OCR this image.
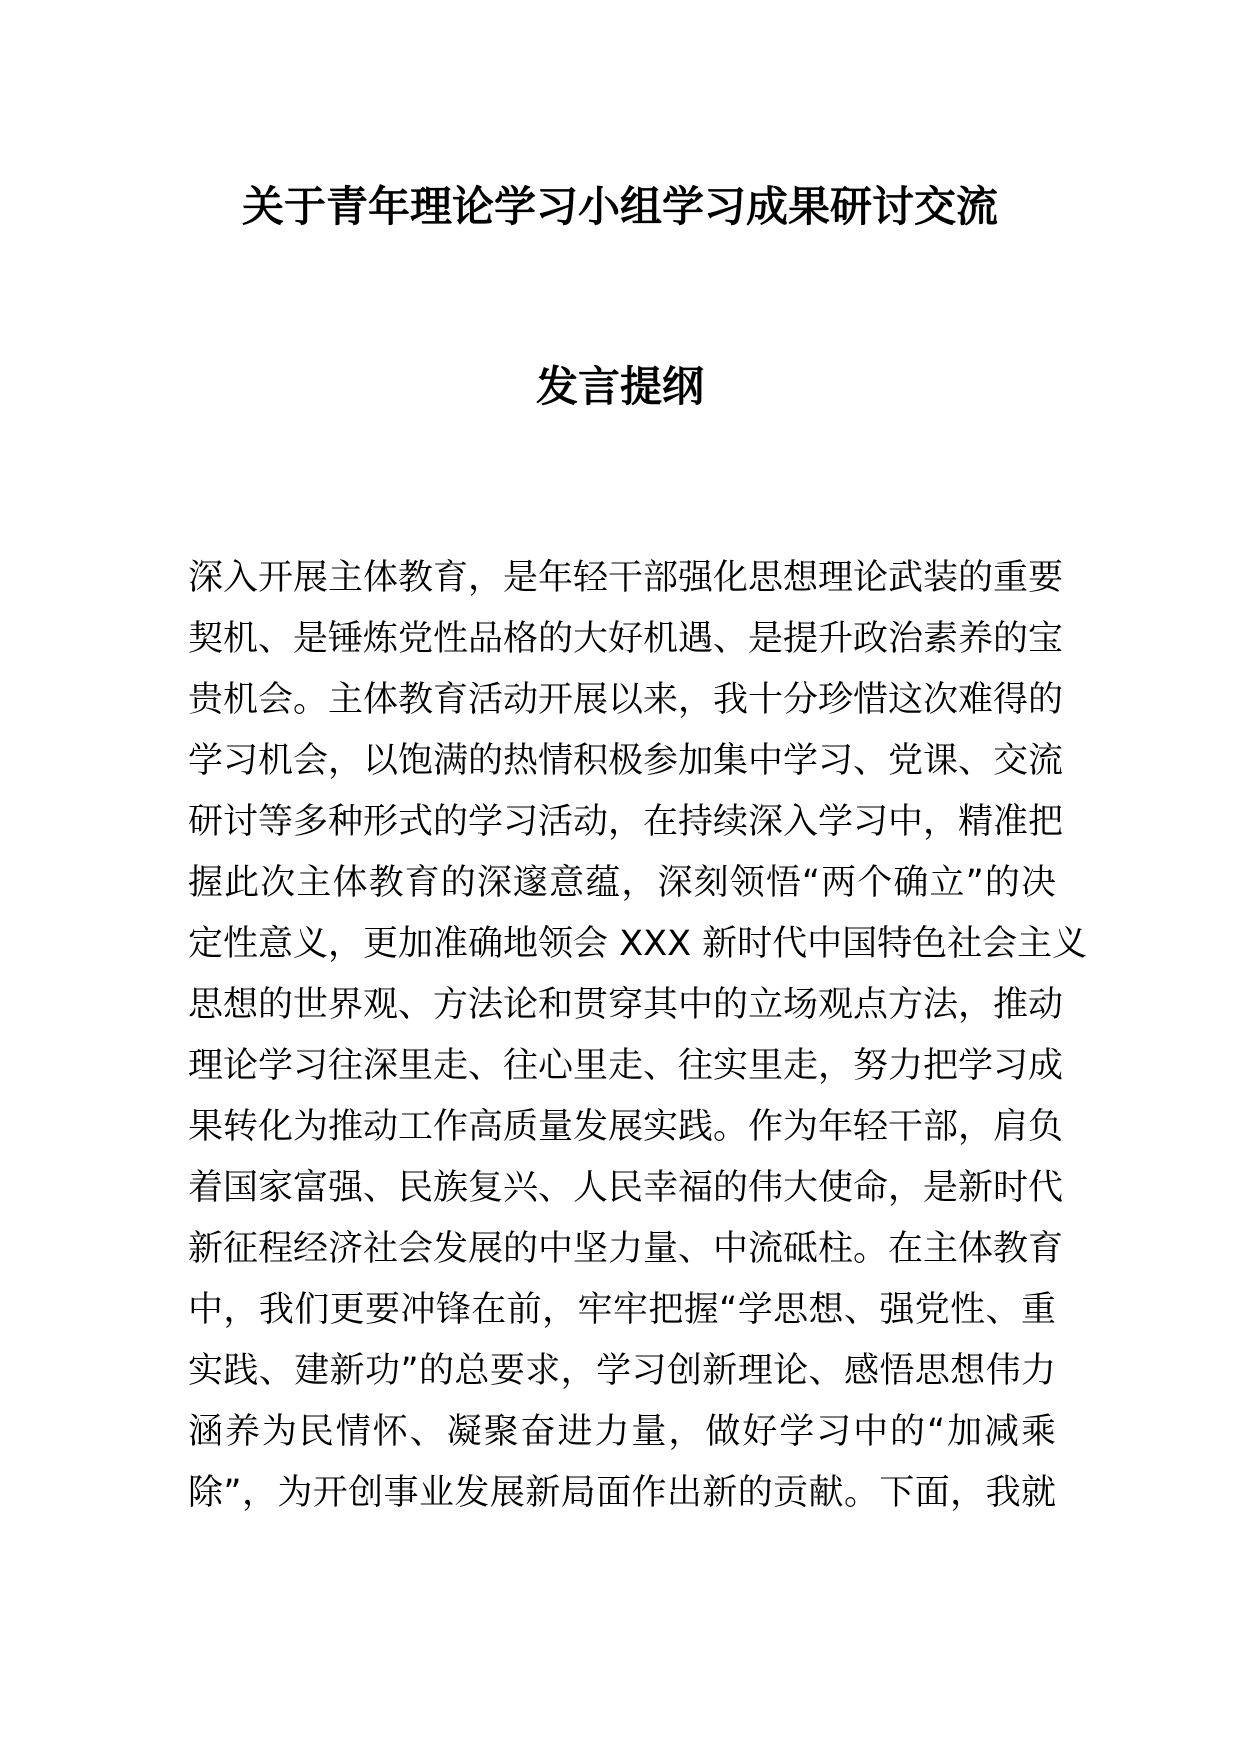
关于青年理论学习小组学习成果研讨交流
发言提纲
深入开展主体教育，是年轻干部强化思想理论武装的重要
契机、是锤炼党性品格的大好机遇、是提升政治素养的宝
贵机会。主体教育活动开展以来，我十分珍惜这次难得的
学习机会，以饱满的热情积极参加集中学习、党课、交流
研讨等多种形式的学习活动，在持续深入学习中，精准把
握此次主体教育的深邃意蕴，深刻领悟“两个确立”的决
定性意义，更加准确地领会 XXX 新时代中国特色社会主义
思想的世界观、方法论和贯穿其中的立场观点方法，推动
理论学习往深里走、往心里走、往实里走，努力把学习成
果转化为推动工作高质量发展实践。作为年轻干部，肩负
着国家富强、民族复兴、人民幸福的伟大使命，是新时代
新征程经济社会发展的中坚力量、中流砥柱。在主体教育
中，我们更要冲锋在前，牢牢把握“学思想、强党性、重
实践、建新功”的总要求，学习创新理论、感悟思想伟力
涵养为民情怀、凝聚奋进力量，做好学习中的“加减乘
除”，为开创事业发展新局面作出新的贡献。下面，我就
